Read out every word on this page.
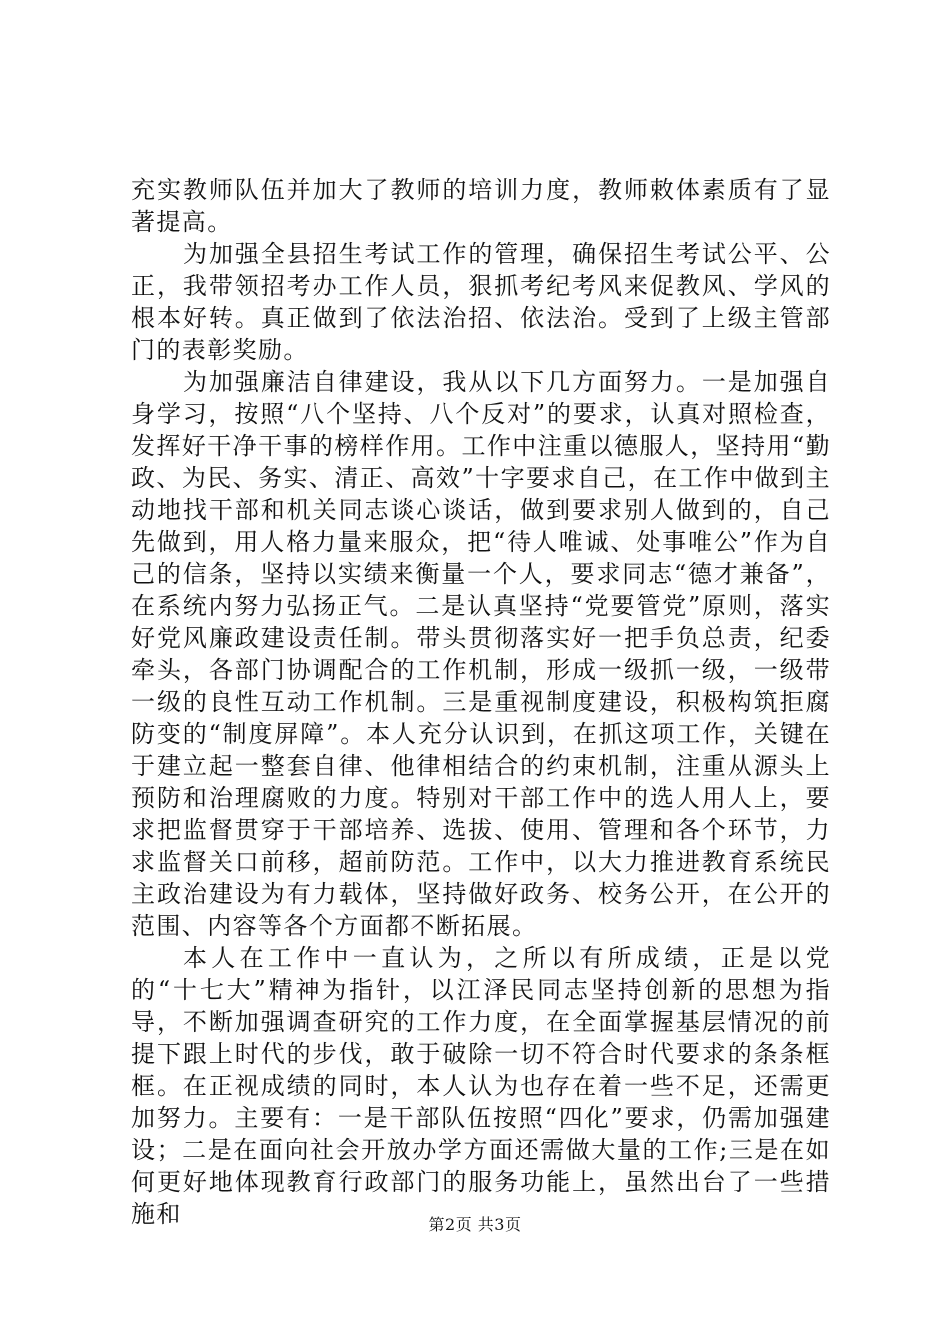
充实教师队伍并加大了教师的培训力度，教师敕体素质有了显著提高。

为加强全县招生考试工作的管理，确保招生考试公平、公正，我带领招考办工作人员，狠抓考纪考风来促教风、学风的根本好转。真正做到了依法治招、依法治。受到了上级主管部门的表彰奖励。

为加强廉洁自律建设，我从以下几方面努力。一是加强自身学习，按照“八个坚持、八个反对”的要求，认真对照检查，发挥好干净干事的榜样作用。工作中注重以德服人，坚持用“勤政、为民、务实、清正、高效”十字要求自己，在工作中做到主动地找干部和机关同志谈心谈话，做到要求别人做到的，自己先做到，用人格力量来服众，把“待人唯诚、处事唯公”作为自己的信条，坚持以实绩来衡量一个人，要求同志“德才兼备”，在系统内努力弘扬正气。二是认真坚持“党要管党”原则，落实好党风廉政建设责任制。带头贯彻落实好一把手负总责，纪委牵头，各部门协调配合的工作机制，形成一级抓一级，一级带一级的良性互动工作机制。三是重视制度建设，积极构筑拒腐防变的“制度屏障”。本人充分认识到，在抓这项工作，关键在于建立起一整套自律、他律相结合的约束机制，注重从源头上预防和治理腐败的力度。特别对干部工作中的选人用人上，要求把监督贯穿于干部培养、选拔、使用、管理和各个环节，力求监督关口前移，超前防范。工作中，以大力推进教育系统民主政治建设为有力载体，坚持做好政务、校务公开，在公开的范围、内容等各个方面都不断拓展。

本人在工作中一直认为，之所以有所成绩，正是以党的“十七大”精神为指针，以江泽民同志坚持创新的思想为指导，不断加强调查研究的工作力度，在全面掌握基层情况的前提下跟上时代的步伐，敢于破除一切不符合时代要求的条条框框。在正视成绩的同时，本人认为也存在着一些不足，还需更加努力。主要有：一是干部队伍按照“四化”要求，仍需加强建设；二是在面向社会开放办学方面还需做大量的工作;三是在如何更好地体现教育行政部门的服务功能上，虽然出台了一些措施和	第2页 共3页
